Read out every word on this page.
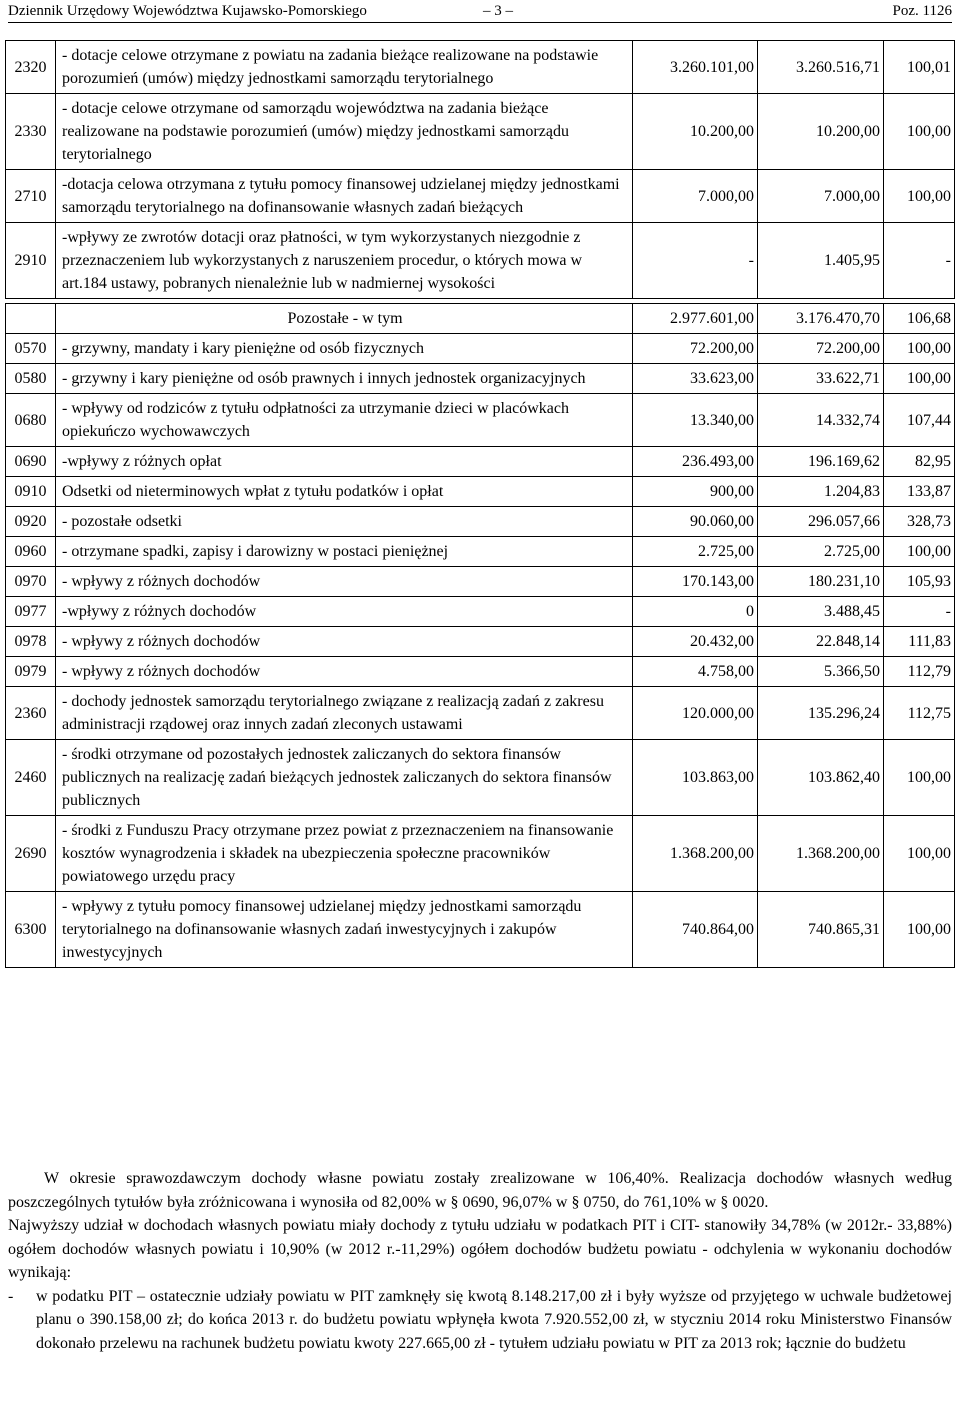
Dziennik Urzędowy Województwa Kujawsko-Pomorskiego	– 3 –	Poz. 1126
2320	- dotacje celowe otrzymane z powiatu na zadania bieżące realizowane na podstawie porozumień (umów) między jednostkami samorządu terytorialnego	3.260.101,00	3.260.516,71	100,01
2330	- dotacje celowe otrzymane od samorządu województwa na zadania bieżące realizowane na podstawie porozumień (umów) między jednostkami samorządu terytorialnego	10.200,00	10.200,00	100,00
2710	-dotacja celowa otrzymana z tytułu pomocy finansowej udzielanej między jednostkami samorządu terytorialnego na dofinansowanie własnych zadań bieżących	7.000,00	7.000,00	100,00
2910	-wpływy ze zwrotów dotacji oraz płatności, w tym wykorzystanych niezgodnie z przeznaczeniem lub wykorzystanych z naruszeniem procedur, o których mowa w art.184 ustawy, pobranych nienależnie lub w nadmiernej wysokości	-	1.405,95	-

	Pozostałe - w tym	2.977.601,00	3.176.470,70	106,68
0570	- grzywny, mandaty i kary pieniężne od osób fizycznych	72.200,00	72.200,00	100,00
0580	- grzywny i kary pieniężne od osób prawnych i innych jednostek organizacyjnych	33.623,00	33.622,71	100,00
0680	- wpływy od rodziców z tytułu odpłatności za utrzymanie dzieci w placówkach opiekuńczo wychowawczych	13.340,00	14.332,74	107,44
0690	-wpływy z różnych opłat	236.493,00	196.169,62	82,95
0910	Odsetki od nieterminowych wpłat z tytułu podatków i opłat	900,00	1.204,83	133,87
0920	- pozostałe odsetki	90.060,00	296.057,66	328,73
0960	- otrzymane spadki, zapisy i darowizny w postaci pieniężnej	2.725,00	2.725,00	100,00
0970	- wpływy z różnych dochodów	170.143,00	180.231,10	105,93
0977	-wpływy z różnych dochodów	0	3.488,45	-
0978	- wpływy z różnych dochodów	20.432,00	22.848,14	111,83
0979	- wpływy z różnych dochodów	4.758,00	5.366,50	112,79
2360	- dochody jednostek samorządu terytorialnego związane z realizacją zadań z zakresu administracji rządowej oraz innych zadań zleconych ustawami	120.000,00	135.296,24	112,75
2460	- środki otrzymane od pozostałych jednostek zaliczanych do sektora finansów publicznych na realizację zadań bieżących jednostek zaliczanych do sektora finansów publicznych	103.863,00	103.862,40	100,00
2690	- środki z Funduszu Pracy otrzymane przez powiat z przeznaczeniem na finansowanie kosztów wynagrodzenia i składek na ubezpieczenia społeczne pracowników powiatowego urzędu pracy	1.368.200,00	1.368.200,00	100,00
6300	- wpływy z tytułu pomocy finansowej udzielanej między jednostkami samorządu terytorialnego na dofinansowanie własnych zadań inwestycyjnych i zakupów inwestycyjnych	740.864,00	740.865,31	100,00

W okresie sprawozdawczym dochody własne powiatu zostały zrealizowane w 106,40%. Realizacja dochodów własnych według poszczególnych tytułów była zróżnicowana i wynosiła od 82,00% w § 0690, 96,07% w § 0750, do 761,10% w § 0020.

Najwyższy udział w dochodach własnych powiatu miały dochody z tytułu udziału w podatkach PIT i CIT- stanowiły 34,78% (w 2012r.- 33,88%) ogółem dochodów własnych powiatu i 10,90% (w 2012 r.-11,29%) ogółem dochodów budżetu powiatu - odchylenia w wykonaniu dochodów wynikają:

- w podatku PIT – ostatecznie udziały powiatu w PIT zamknęły się kwotą 8.148.217,00 zł i były wyższe od przyjętego w uchwale budżetowej planu o 390.158,00 zł; do końca 2013 r. do budżetu powiatu wpłynęła kwota 7.920.552,00 zł, w styczniu 2014 roku Ministerstwo Finansów dokonało przelewu na rachunek budżetu powiatu kwoty 227.665,00 zł - tytułem udziału powiatu w PIT za 2013 rok; łącznie do budżetu
